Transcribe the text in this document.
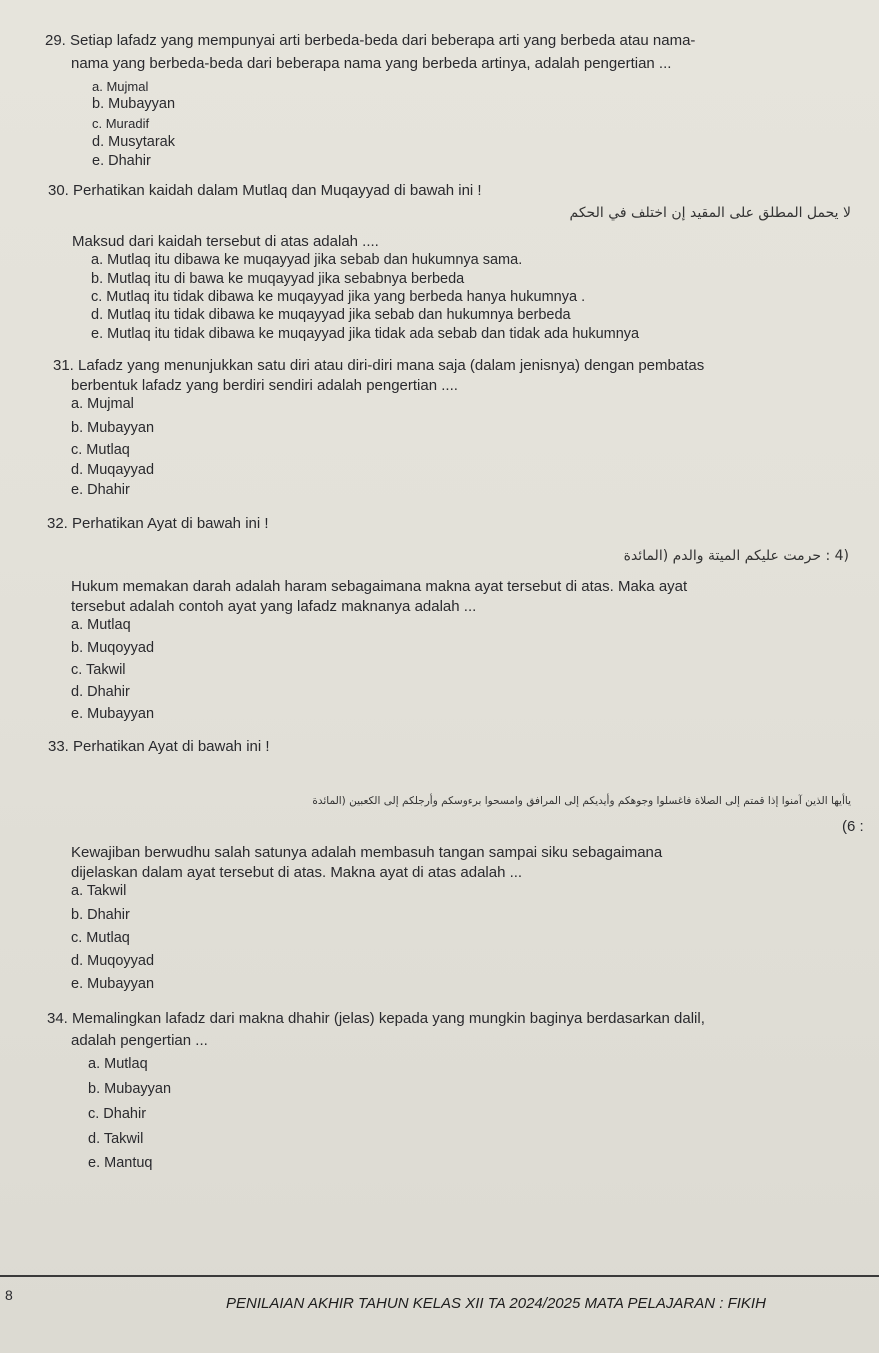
29. Setiap lafadz yang mempunyai arti berbeda-beda dari beberapa arti yang berbeda atau nama-
nama yang berbeda-beda dari beberapa nama yang berbeda artinya, adalah pengertian ...
a. Mujmal
b. Mubayyan
c. Muradif
d. Musytarak
e. Dhahir
30. Perhatikan kaidah dalam Mutlaq dan Muqayyad di bawah ini !
لا يحمل المطلق على المقيد إن اختلف في الحكم
Maksud dari kaidah tersebut di atas adalah ....
a. Mutlaq itu dibawa ke muqayyad jika sebab dan hukumnya sama.
b. Mutlaq itu di bawa ke muqayyad jika sebabnya berbeda
c. Mutlaq itu tidak dibawa ke muqayyad jika yang berbeda hanya hukumnya .
d. Mutlaq itu tidak dibawa ke muqayyad jika sebab dan hukumnya berbeda
e. Mutlaq itu tidak dibawa ke muqayyad jika tidak ada sebab dan tidak ada hukumnya
31. Lafadz yang menunjukkan satu diri atau diri-diri mana saja (dalam jenisnya) dengan pembatas
berbentuk lafadz yang berdiri sendiri adalah pengertian ....
a. Mujmal
b. Mubayyan
c. Mutlaq
d. Muqayyad
e. Dhahir
32. Perhatikan Ayat di bawah ini !
(4 : حرمت عليكم الميتة والدم (المائدة
Hukum memakan darah adalah haram sebagaimana makna ayat tersebut di atas. Maka ayat
tersebut adalah contoh ayat yang lafadz maknanya adalah ...
a. Mutlaq
b. Muqoyyad
c. Takwil
d. Dhahir
e. Mubayyan
33. Perhatikan Ayat di bawah ini !
ياأيها الذين آمنوا إذا قمتم إلى الصلاة فاغسلوا وجوهكم وأيديكم إلى المرافق وامسحوا برءوسكم وأرجلكم إلى الكعبين (المائدة
(6 :
Kewajiban berwudhu salah satunya adalah membasuh tangan sampai siku sebagaimana
dijelaskan dalam ayat tersebut di atas. Makna ayat di atas adalah ...
a. Takwil
b. Dhahir
c. Mutlaq
d. Muqoyyad
e. Mubayyan
34. Memalingkan lafadz dari makna dhahir (jelas) kepada yang mungkin baginya berdasarkan dalil,
adalah pengertian ...
a. Mutlaq
b. Mubayyan
c. Dhahir
d. Takwil
e. Mantuq
8	PENILAIAN AKHIR TAHUN KELAS XII TA 2024/2025 MATA PELAJARAN : FIKIH
